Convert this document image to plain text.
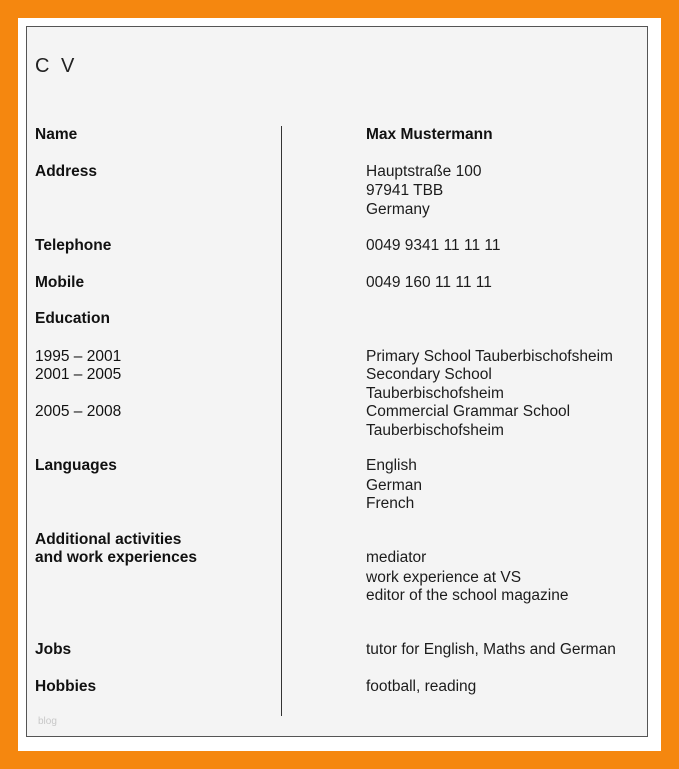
C V
Name	Max Mustermann
Address	Hauptstraße 100
97941 TBB
Germany
Telephone	0049 9341 11 11 11
Mobile	0049 160 11 11 11
Education
1995 – 2001	Primary School Tauberbischofsheim
2001 – 2005	Secondary School
Tauberbischofsheim
2005 – 2008	Commercial Grammar School
Tauberbischofsheim
Languages	English
German
French
Additional activities
and work experiences	mediator
work experience at VS
editor of the school magazine
Jobs	tutor for English, Maths and German
Hobbies	football, reading
blog
